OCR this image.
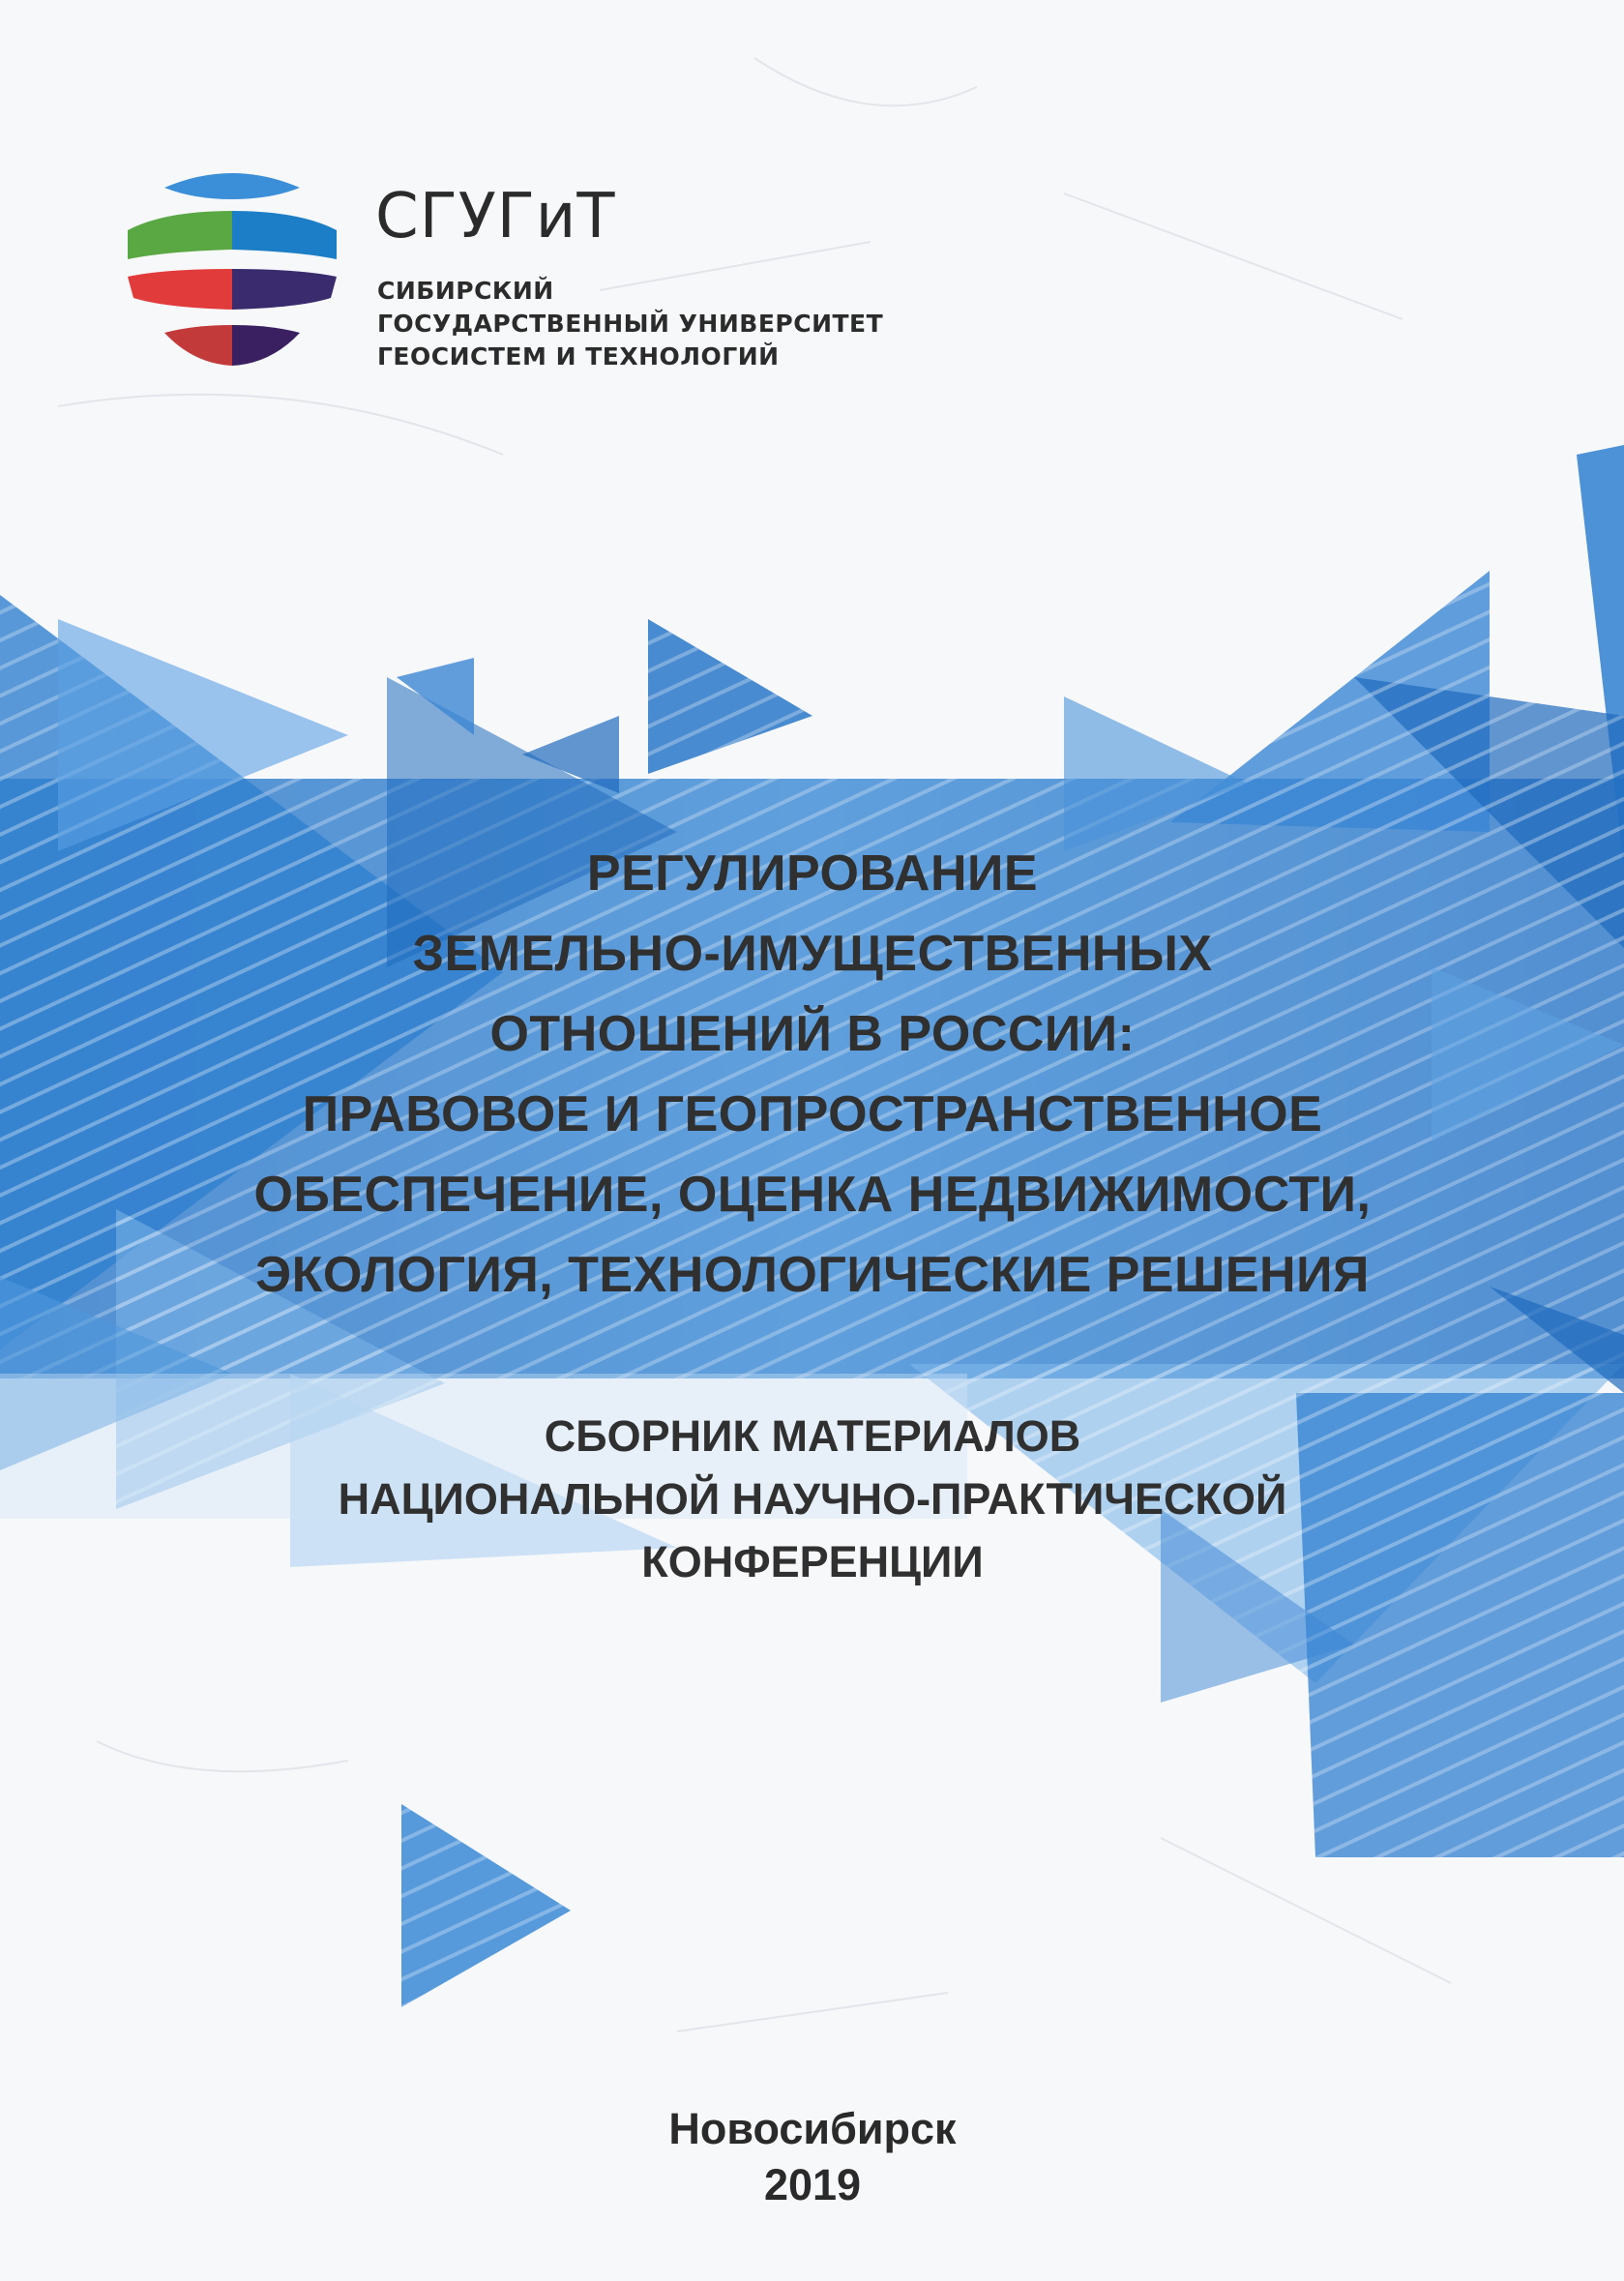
СГУГиТ
СИБИРСКИЙ
ГОСУДАРСТВЕННЫЙ УНИВЕРСИТЕТ
ГЕОСИСТЕМ И ТЕХНОЛОГИЙ
РЕГУЛИРОВАНИЕ
ЗЕМЕЛЬНО-ИМУЩЕСТВЕННЫХ
ОТНОШЕНИЙ В РОССИИ:
ПРАВОВОЕ И ГЕОПРОСТРАНСТВЕННОЕ
ОБЕСПЕЧЕНИЕ, ОЦЕНКА НЕДВИЖИМОСТИ,
ЭКОЛОГИЯ, ТЕХНОЛОГИЧЕСКИЕ РЕШЕНИЯ
СБОРНИК МАТЕРИАЛОВ
НАЦИОНАЛЬНОЙ НАУЧНО-ПРАКТИЧЕСКОЙ
КОНФЕРЕНЦИИ
Новосибирск
2019
